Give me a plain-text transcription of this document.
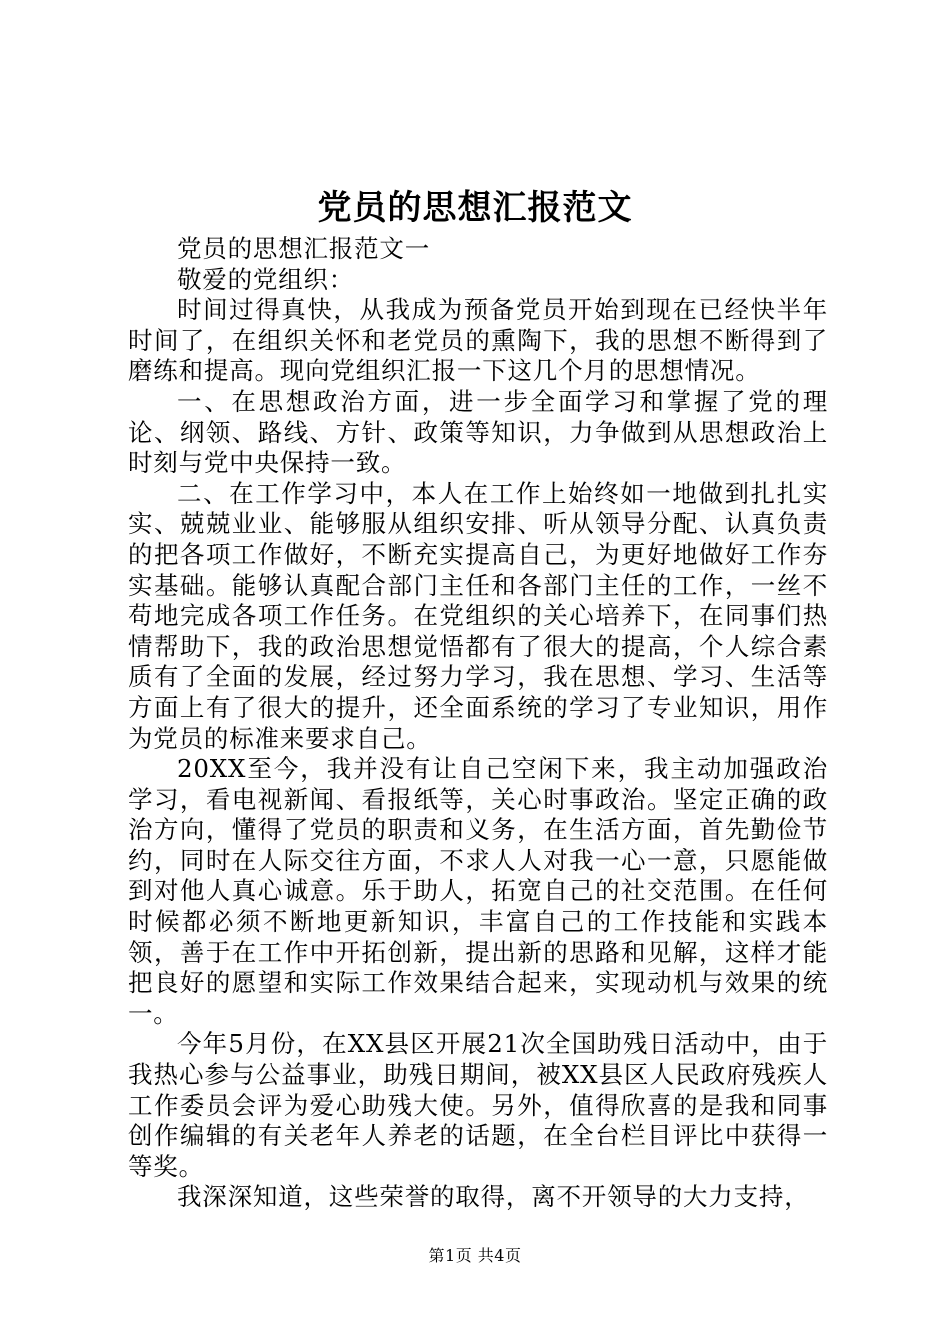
党员的思想汇报范文

党员的思想汇报范文一

敬爱的党组织：

时间过得真快，从我成为预备党员开始到现在已经快半年时间了，在组织关怀和老党员的熏陶下，我的思想不断得到了磨练和提高。现向党组织汇报一下这几个月的思想情况。

一、在思想政治方面，进一步全面学习和掌握了党的理论、纲领、路线、方针、政策等知识，力争做到从思想政治上时刻与党中央保持一致。

二、在工作学习中，本人在工作上始终如一地做到扎扎实实、兢兢业业、能够服从组织安排、听从领导分配、认真负责的把各项工作做好，不断充实提高自己，为更好地做好工作夯实基础。能够认真配合部门主任和各部门主任的工作，一丝不苟地完成各项工作任务。在党组织的关心培养下，在同事们热情帮助下，我的政治思想觉悟都有了很大的提高，个人综合素质有了全面的发展，经过努力学习，我在思想、学习、生活等方面上有了很大的提升，还全面系统的学习了专业知识，用作为党员的标准来要求自己。

20XX至今，我并没有让自己空闲下来，我主动加强政治学习，看电视新闻、看报纸等，关心时事政治。坚定正确的政治方向，懂得了党员的职责和义务，在生活方面，首先勤俭节约，同时在人际交往方面，不求人人对我一心一意，只愿能做到对他人真心诚意。乐于助人，拓宽自己的社交范围。在任何时候都必须不断地更新知识，丰富自己的工作技能和实践本领，善于在工作中开拓创新，提出新的思路和见解，这样才能把良好的愿望和实际工作效果结合起来，实现动机与效果的统一。

今年5月份，在XX县区开展21次全国助残日活动中，由于我热心参与公益事业，助残日期间，被XX县区人民政府残疾人工作委员会评为爱心助残大使。另外，值得欣喜的是我和同事创作编辑的有关老年人养老的话题，在全台栏目评比中获得一等奖。

我深深知道，这些荣誉的取得，离不开领导的大力支持，

第1页 共4页
